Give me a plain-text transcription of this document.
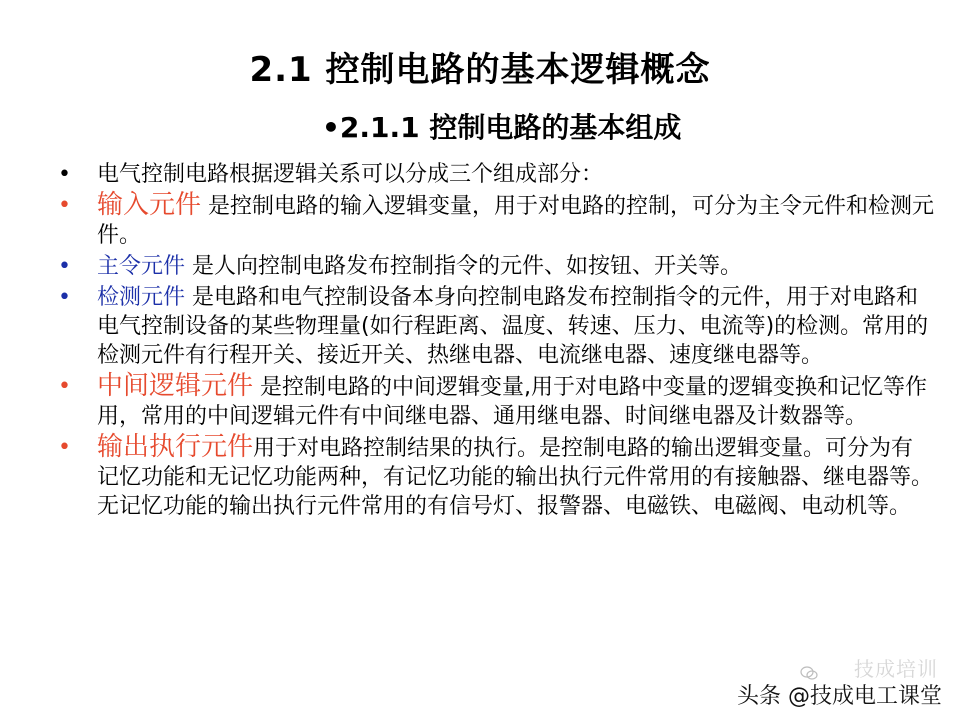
2.1 控制电路的基本逻辑概念
•2.1.1 控制电路的基本组成
• 电气控制电路根据逻辑关系可以分成三个组成部分：
• 输入元件 是控制电路的输入逻辑变量，用于对电路的控制，可分为主令元件和检测元件。
• 主令元件 是人向控制电路发布控制指令的元件、如按钮、开关等。
• 检测元件 是电路和电气控制设备本身向控制电路发布控制指令的元件，用于对电路和电气控制设备的某些物理量(如行程距离、温度、转速、压力、电流等)的检测。常用的检测元件有行程开关、接近开关、热继电器、电流继电器、速度继电器等。
• 中间逻辑元件 是控制电路的中间逻辑变量,用于对电路中变量的逻辑变换和记忆等作用，常用的中间逻辑元件有中间继电器、通用继电器、时间继电器及计数器等。
• 输出执行元件用于对电路控制结果的执行。是控制电路的输出逻辑变量。可分为有记忆功能和无记忆功能两种，有记忆功能的输出执行元件常用的有接触器、继电器等。无记忆功能的输出执行元件常用的有信号灯、报警器、电磁铁、电磁阀、电动机等。
技成培训
头条 @技成电工课堂
